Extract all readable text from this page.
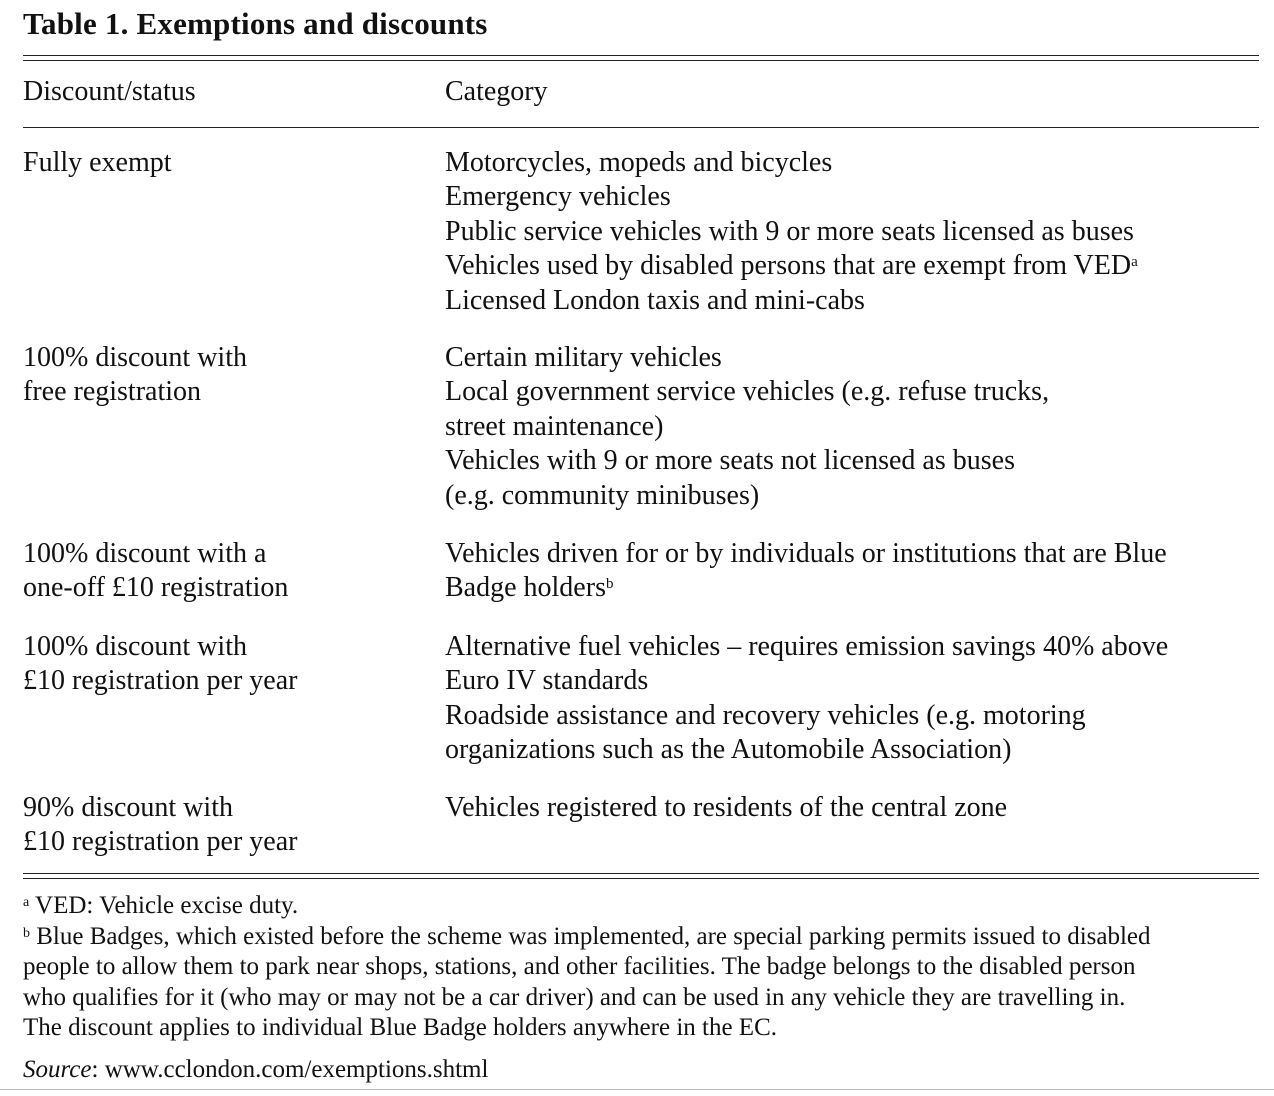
Table 1. Exemptions and discounts
Discount/status	Category
Fully exempt	Motorcycles, mopeds and bicycles
Emergency vehicles
Public service vehicles with 9 or more seats licensed as buses
Vehicles used by disabled persons that are exempt from VED$^a$
Licensed London taxis and mini-cabs
100% discount with
free registration
Certain military vehicles
Local government service vehicles (e.g. refuse trucks,
street maintenance)
Vehicles with 9 or more seats not licensed as buses
(e.g. community minibuses)
100% discount with a
one-off £10 registration
Vehicles driven for or by individuals or institutions that are Blue
Badge holders$^b$
100% discount with
£10 registration per year
Alternative fuel vehicles – requires emission savings 40% above
Euro IV standards
Roadside assistance and recovery vehicles (e.g. motoring
organizations such as the Automobile Association)
90% discount with
£10 registration per year
Vehicles registered to residents of the central zone
$^a$ VED: Vehicle excise duty.
$^b$ Blue Badges, which existed before the scheme was implemented, are special parking permits issued to disabled
people to allow them to park near shops, stations, and other facilities. The badge belongs to the disabled person
who qualifies for it (who may or may not be a car driver) and can be used in any vehicle they are travelling in.
The discount applies to individual Blue Badge holders anywhere in the EC.
Source: www.cclondon.com/exemptions.shtml
